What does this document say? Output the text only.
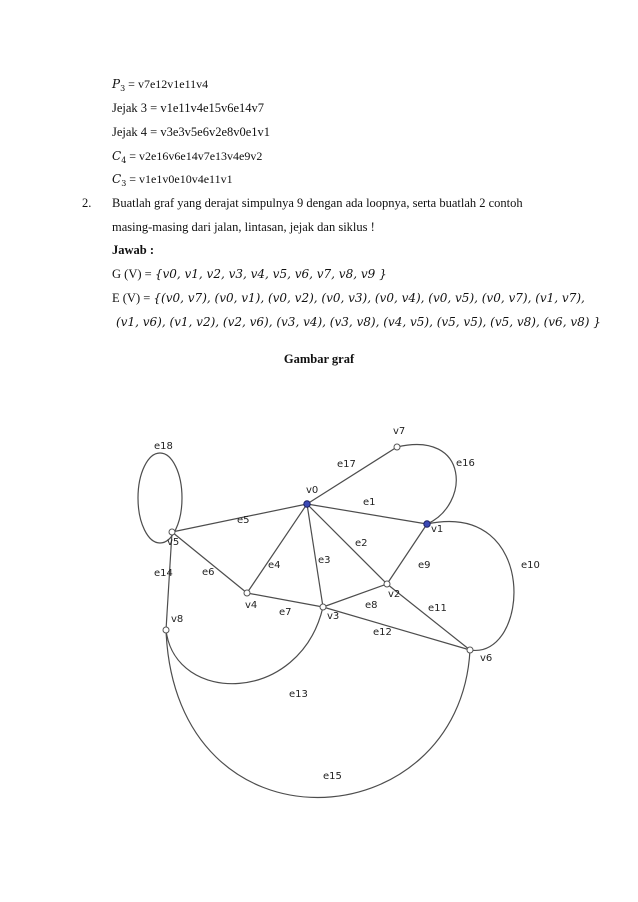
$P_3 = v7e12v1e11v4$
Jejak 3 = v1e11v4e15v6e14v7
Jejak 4 = v3e3v5e6v2e8v0e1v1
$C_4 = v2e16v6e14v7e13v4e9v2$
$C_3 = v1e1v0e10v4e11v1$
2. Buatlah graf yang derajat simpulnya 9 dengan ada loopnya, serta buatlah 2 contoh
masing-masing dari jalan, lintasan, jejak dan siklus !
Jawab :
G (V) = {v0, v1, v2, v3, v4, v5, v6, v7, v8, v9 }
E (V) = {(v0, v7), (v0, v1), (v0, v2), (v0, v3), (v0, v4), (v0, v5), (v0, v7), (v1, v7),
(v1, v6), (v1, v2), (v2, v6), (v3, v4), (v3, v8), (v4, v5), (v5, v5), (v5, v8), (v6, v8) }
Gambar graf
v0
v1
v2
v3
v4
v5
v6
v7
v8
e1
e2
e3
e4
e5
e6
e7
e8
e9	e10
e11
e12
e13
e14
e15
e16
e17
e18
